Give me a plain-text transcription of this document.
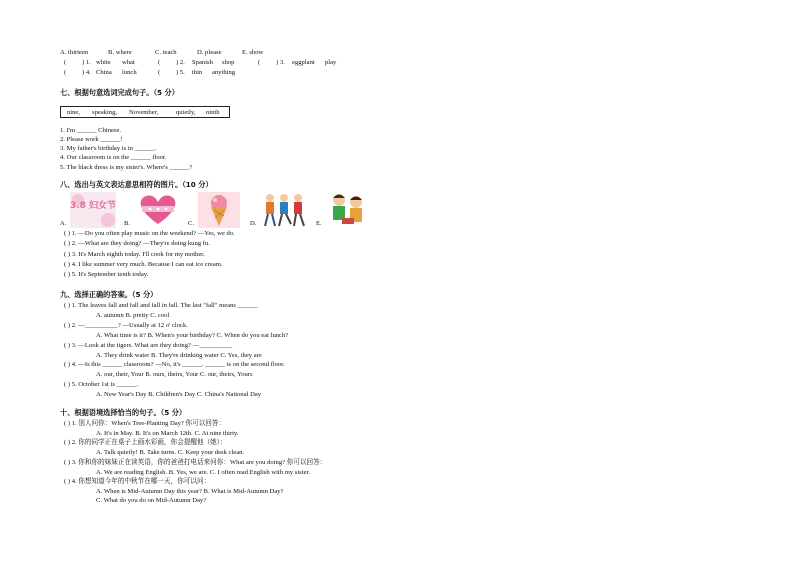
A. thirteen	B. where	C. teach	D. please	E. show
( ) 1. white what	( ) 2. Spanish shop	( ) 3. eggplant play
( ) 4. China lunch	( ) 5. thin anything
七、根据句意选词完成句子。（5 分）
nine, speaking, November,	quietly, ninth
1. I'm ______ Chinese.
2. Please work ______!
3. My father's birthday is in ______.
4. Our classroom is on the ______ floor.
5. The black dress is my sister's. Where's ______?
八、选出与英文表达意思相符的图片。（10 分）
A.
3.8 妇女节
B.	C.	D.	E.
( ) 1. —Do you often play music on the weekend? —Yes, we do.
( ) 2. —What are they doing? —They're doing kung fu.
( ) 3. It's March eighth today. I'll cook for my mother.
( ) 4. I like summer very much. Because I can eat ice cream.
( ) 5. It's September tenth today.
九、选择正确的答案。（5 分）
( ) 1. The leaves fall and fall and fall in fall. The last "fall" means ______
A. autumn B. pretty C. cool
( ) 2. —__________? —Usually at 12 o' clock.
A. What time is it? B. When's your birthday? C. When do you eat lunch?
( ) 3. —Look at the tigers. What are they doing? —__________
A. They drink water B. They're drinking water C. Yes, they are
( ) 4. —Is this ______ classroom? —No, it's ______. ______ is on the second floor.
A. our, their, Your B. ours, theirs, Your C. our, theirs, Yours
( ) 5. October 1st is ______.
A. New Year's Day B. Children's Day C. China's National Day
十、根据语境选择恰当的句子。（5 分）
( ) 1. 别人问你：When's Tree-Planting Day? 你可以回答：
A. It's in May. B. It's on March 12th. C. At nine thirty.
( ) 2. 你的同学正在桌子上画水彩画，你会提醒他（她）：
A. Talk quietly! B. Take turns. C. Keep your desk clean.
( ) 3. 你和你的妹妹正在读英语，你的爸爸打电话来问你：What are you doing? 你可以回答：
A. We are reading English. B. Yes, we are. C. I often read English with my sister.
( ) 4. 你想知道今年的中秋节在哪一天，你可以问：
A. When is Mid-Autumn Day this year? B. What is Mid-Autumn Day?
C. What do you do on Mid-Autumn Day?
